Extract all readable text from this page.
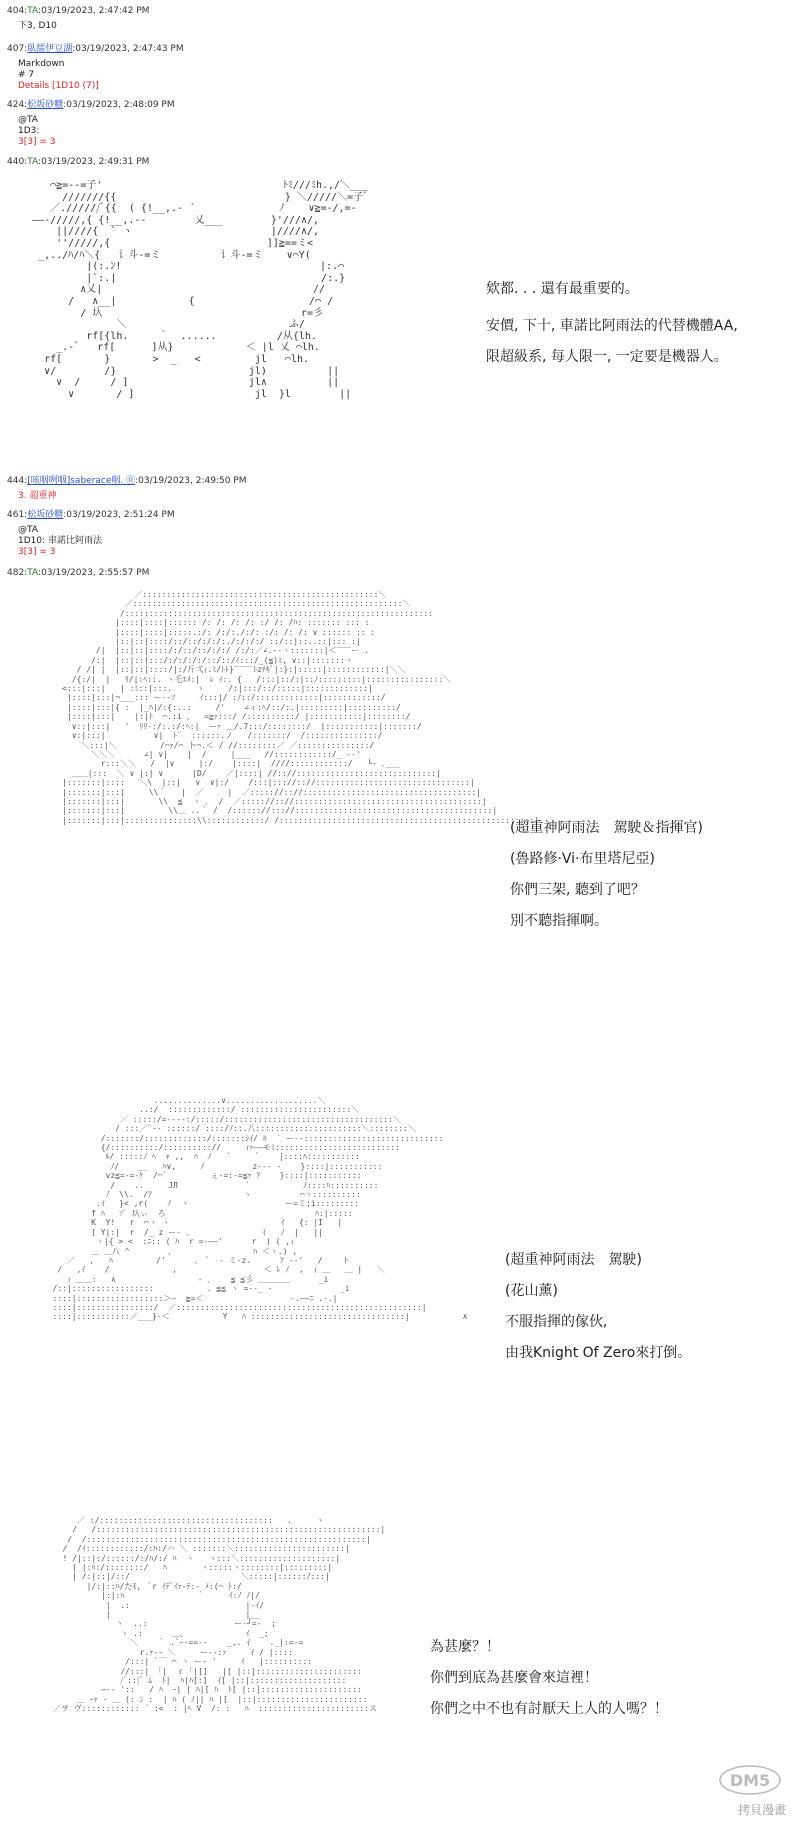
404:TA:03/19/2023, 2:47:42 PM
下3, D10
407:臥擂伊豆湖:03/19/2023, 2:47:43 PM
Markdown
# 7
Details [1D10 (7)]
424:松坂砂糖:03/19/2023, 2:48:09 PM
@TA
1D3:
3[3] = 3
440:TA:03/19/2023, 2:49:31 PM
⌒≧=--=子'                              ﾄﾐ///ﾐh.,/＼___
///////{{                            } ＼/////＼=子ﾞ
／.//////ﾞ{{  ( {!__,.- ´              ﾉ    ∨≧=-/,=-
――-/////,{ {!__,.-‐        乂___        }'///∧/,
||////{  ` ヽ                       |////∧/,
''/////,{                          ]]≧==ミ<
_,../ﾊ/ﾊ＼{   讠斗-=ミ          讠斗-=ミ    ∨⌒Y(
|(:.ﾝ!                                 |:.⌒
|`:.|                                  /:.}
∧乂|                                   //
/   ∧__|            {                   /⌒ /
/ 圦                                 r=彡
＼                           ふ/
rf[{lh.     ｀  ......          /从{lh.
_.-ﾞ   rf[      ]从}            ＜ |l 乂 ⌒lh.
rf[       }       >  _   <         jl   ⌒lh.
∨/        /}                      jl)          ||
∨  /     / ]                    jl∧          ||
∨       / ]                    jl  }l        ||
欸都. . . 還有最重要的。
安價, 下十, 車諾比阿雨法的代替機體AA,
限超級系, 每人限一, 一定要是機器人。
444:[咳咽咧咽]saberace咽. ⓪:03/19/2023, 2:49:50 PM
3. 超重神
461:松坂砂糖:03/19/2023, 2:51:24 PM
@TA
1D10: 車諾比阿雨法
3[3] = 3
482:TA:03/19/2023, 2:55:57 PM
／:::::::::::::::::::::::::::::::::::::::::::::::::＼
／::::::::::::::::::::::::::::::::::::::::::::::::::::::::＼
/::::::::::::::::::::::::::::::::::::::::::::::::::::::::::::::::
|::::|::::|:::::: /: /: /: /: :/ /: /ﾊ: ::::::: ::: :
|::::|::::|:::::.:/: /:/:./:/: :/: /: /: ∨ :::::: :: :
|::|::|::::/::/::/:/:/:./:/:/:/ ::/::|::..::|::: :|
/|  |::|::|::::/:/::/::/:/:/ /:/:／∠.--ヽ:::::::|＜‾‾‾ー .
/:|  |::|::|:::/:/:/:/:/::/::/ｲ:::/_(≦)ﾐ, ∨::|:::::::ヽ
/ /| |  |::|::|::::/|:/斤弌ｨ.ﾐ/ﾄﾄ}‾‾‾‾ﾄzﾁｷﾞ|:}:|:::::|::::::::::::|＼＼
/{:/|  |   ﾘ/|:ﾍ::. ヽ乇ｴﾒ:|  ﾚ ｲ:. {   /:::|::/:|::ﾉ:::::::::|::::::::::::::::＼
<:::|:::|   | :ﾐ::|:::.     ゝ     /:|:::/::/:::::|:::::::::::::|
|::::|:::|¬___::: ー--ｿ     ｲ:::|/ :ﾉ::/:::::::::::::|::::::::::::/
|::::|:::|{ :  |_ﾊ|/:{:..:     /'    ∠ィ:ﾍ/::/:.|:::::::::|::::::::::/
|::::|:::|    |:|ﾄ  ⌒.:i 、  =≧ｧ:::/ /::::::::::/ |:::::::::::|::::::::/
∨::|:::|   '  ﾘﾘ-:/:.:/:ﾍ:|  ーｧ ＿/.7:::/::::::::/  |:::::::::::|:::::::/
∨:|:::|          ∨|  ﾄ¨  ::::::.ノ   /:::::::/  /:::::::::::::::/
＼:::|＼         /⌒ｧ/⌒ 卜¬.＜ / //::::::::／ ／:::::::::::::::/
＼＼＼      ∠| ∨|    |  /     |___   //::::::::::::/_ -‐'
r:::＼＼   /  |∨     |:/    |::::|  ////::::::::::::/   └‐ ､___
＿＿|:::  ＼ ∨ |:| ∨      |D/    ／|::::| //:://:::::::::::::::::::::::::::::|
|:::::::|::::   ＼\  |::|   ∨  ∨|:/    /:::|::://:://::::::::::::::::::::::::::::::::|
|:::::::|:::|     \\｀   |  ／     |  ／::::://:://::::::::::::::::::::::::::::::::::::|
|:::::::|:::|       \\  ≦  ヽ ､  /  ／::::://:://:::::::::::::::::::::::::::::::::::::::|
|:::::::|:::|         \\＿ ..｀ /  /:::::://::://:::::::::::::::::::::::::::::::::::::::::|
|:::::::|:::|:::::::::::::::\\::::::::::::/ /:::::::::::::::::::::::::::::::::::::::::::::::::::::|
(超重神阿雨法　駕駛＆指揮官)
(魯路修·Vi·布里塔尼亞)
你們三架, 聽到了吧？
別不聽指揮啊。
..............∨...................＼
..:/  :::::::::::::/ :::::::::::::::::::::::＼
／ :::::/=‐‐--:/:::::/:::::::::::::::::::::::::::::::::::＼
/ :::／¨‐- ::::::/ ::::/ﾉ::.八::::::::::::::::::::::＼::::::::＼
/:::::::/:::::::::::::/:::::::ｼｲ/ ﾙ  ` ー--:::::::::::::::::::::::::::::
{/::::::::::/:::::::::://     ｨｧ――モﾐ::::::::::::::::::::::::::
ﾙ/ :::::ﾉ ﾍ  ｬ ,,  ﾊ  ﾉ   ´     `    |::::ﾊ:::::::::::
ﾉ/    __   ﾊ∨,     ﾉ          z--‐ -    }::::|:::::::::::
vz≦=‐=-ｹ  /⌒`         ぇ-=:‐=≦ｧ ｱ    }::::|:::::::::::
/    ..     JЛ              `           ﾉ::::ﾊ::::::::::
ﾉ  \\.  /ｱ                   ヽ          ⌒ヽ::::::::::
.ｲ   }< ,r(    ﾉ  ヽ                    ー=ミ;i:::::::::
f ﾊ   ｿﾞ 圦ぃ  ろ                               ﾊ:|:::::
K  Y!   r  ⌒ヽ ヽ                       ｲ   {: |I   |
[ Y|:|  r  /_ z ー‐ ､               ｲ   ﾉ  |   ||
ヽ|{ > <  :ﾆ:: ( ﾊ  r =‐――'      r  ) ( ,ｨ
＿ ＿八 ^        、                ﾊ ＜ヽ.) ,
／   ,   ﾊ         /'      ､  ﾞ  ‐ ミ‐z.      ｱ ‐-'   /    ト
/   ,ｲ    /             ,                  ＜ ﾚ ﾉ  ,  ｨ ＿   ＿ |   ＼
ｨ ＿＿:   ∧                 ‐ ､    ≦ ≦彡 ＿＿＿＿      _i
/::|:::::::::::::::::           . ≦≦ ヽ =‐-_ ‐              _i
::::|::::::::::::::::::＞―  ≧=＜                  ‐.――ﾆ .-.|
::::|::::::::::::::::/  ／:::::::::::::::::::::::::::::::::::::::::::::::::::|
::::|:::::::::::／___}-＜           Y   ﾊ ::::::::::::::::::::::::::::::::|           ∧
(超重神阿雨法　駕駛)
(花山薰)
不服指揮的傢伙,
由我Knight Of Zero來打倒。
／ :/::::::::::::::::::::::::::::::::::::   .     ヽ
/   /:::::::::::::::::::::::::::::::::::::::::::::::::::::::::::|
/  /::::::::::::::::::::::::::::::::::::::::::::::::::::::::::|
/  /ｲ::::::::::::/:ﾊ:/ハ ＼ :::::::＼:::::::::::::::::::::::|
! /|::|:/::::::/:/ﾊ/:/ ﾊ  ヽ   ヽ:::＼::::::::::::::::::::|
| |:ﾊ:/::::::::/   ﾊ       ヽ:::::ヽ::::::::|:::::::::|
| /:|::|/::/                       ＼:::::|::::::ﾉ:::|
|/:|::ﾊ/たﾓ,  ﾞr ｲﾃﾞｲｧ‐ﾃ:- ﾒ:(⌒ ﾄ:/
|:|:ﾊ               ｀     ｲ:ﾉ ﾉ|/
|  .:                        |-ｲ/
|                            |__
ヽ  ..:                  ー-┘=-  ;
ヽ .:      ＿、            ｲ  _;
＼    ｀ .`ｰ‐==-‐    _,. ｲ    ._|:=-=
r.ｧ-‐ ＼     ー--:ｧ     ｲ / |::::
/:::| `￣ ⌒ ヽ ー‐ '     ｲ   |::::::::::
//:::| 「|  ｒ ｢|[]   |[ |::|::::::::::::::::::::::
/ﾞ::|ﾞ ﾑ  ﾄ|  ﾊ|ﾊ[:]  ｲ[ |::|::::::::::::::::::::
―-‐ '::   / ﾊ  ｰ| | ﾊ|[ ﾊ  ﾄ[ |::|:::::::::::::::::::::
＿ ｰｧ ‐ ＿ (: ﾝ :  | ﾊ ( ﾉ|| ﾊ |[  |::|:::::::::::::::::::::::
／ヲ ヴ:::::::::::: ´ :<  : |ﾍ V  /: :   ﾊ  :::::::::::::::::::::::ス
為甚麼？！
你們到底為甚麼會來這裡！
你們之中不也有討厭天上人的人嗎？！
DM5
拷貝漫畫
